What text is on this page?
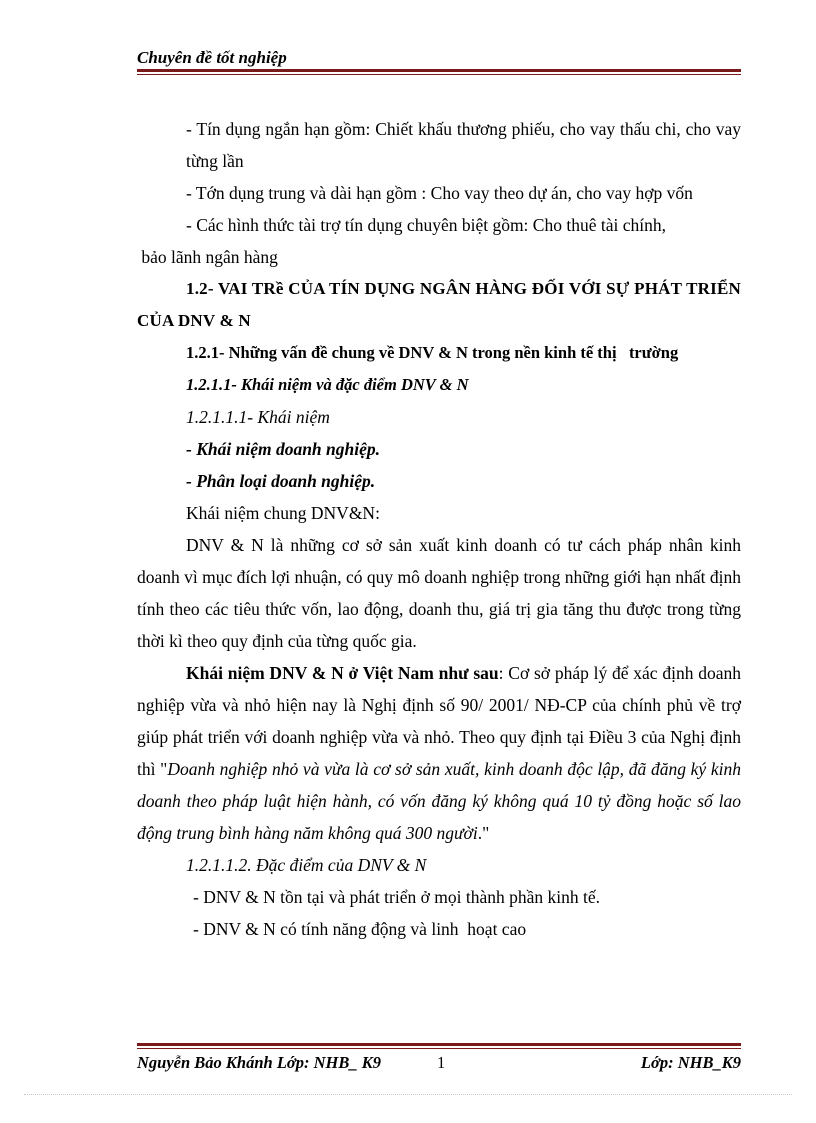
Chuyên đề tốt nghiệp

- Tín dụng ngắn hạn gồm: Chiết khấu thương phiếu, cho vay thấu chi, cho vay từng lần

- Tớn dụng trung và dài hạn gồm : Cho vay theo dự án, cho vay hợp vốn

- Các hình thức tài trợ tín dụng chuyên biệt gồm: Cho thuê tài chính,

bảo lãnh ngân hàng

1.2- VAI TRề CỦA TÍN DỤNG NGÂN HÀNG ĐỐI VỚI SỰ PHÁT TRIỂN CỦA DNV & N

1.2.1- Những vấn đề chung về DNV & N trong nền kinh tế thị   trường

1.2.1.1- Khái niệm và đặc điểm DNV & N

1.2.1.1.1- Khái niệm

- Khái niệm doanh nghiệp.

- Phân loại doanh nghiệp.

Khái niệm chung DNV&N:

DNV & N là những cơ sở sản xuất kinh doanh có tư cách pháp nhân kinh doanh vì mục đích lợi nhuận, có quy mô doanh nghiệp trong những giới hạn nhất định tính theo các tiêu thức vốn, lao động, doanh thu, giá trị gia tăng thu được trong từng thời kì theo quy định của từng quốc gia.

Khái niệm DNV & N ở Việt Nam như sau: Cơ sở pháp lý để xác định doanh nghiệp vừa và nhỏ hiện nay là Nghị định số 90/ 2001/ NĐ-CP của chính phủ về trợ giúp phát triển với doanh nghiệp vừa và nhỏ. Theo quy định tại Điều 3 của Nghị định thì "Doanh nghiệp nhỏ và vừa là cơ sở sản xuất, kinh doanh độc lập, đã đăng ký kinh doanh theo pháp luật hiện hành, có vốn đăng ký không quá 10 tỷ đồng hoặc số lao động trung bình hàng năm không quá 300 người."

1.2.1.1.2. Đặc điểm của DNV & N

- DNV & N tồn tại và phát triển ở mọi thành phần kinh tế.

- DNV & N có tính năng động và linh  hoạt cao

Nguyễn Bảo Khánh Lớp: NHB_ K9	1	Lớp: NHB_K9
